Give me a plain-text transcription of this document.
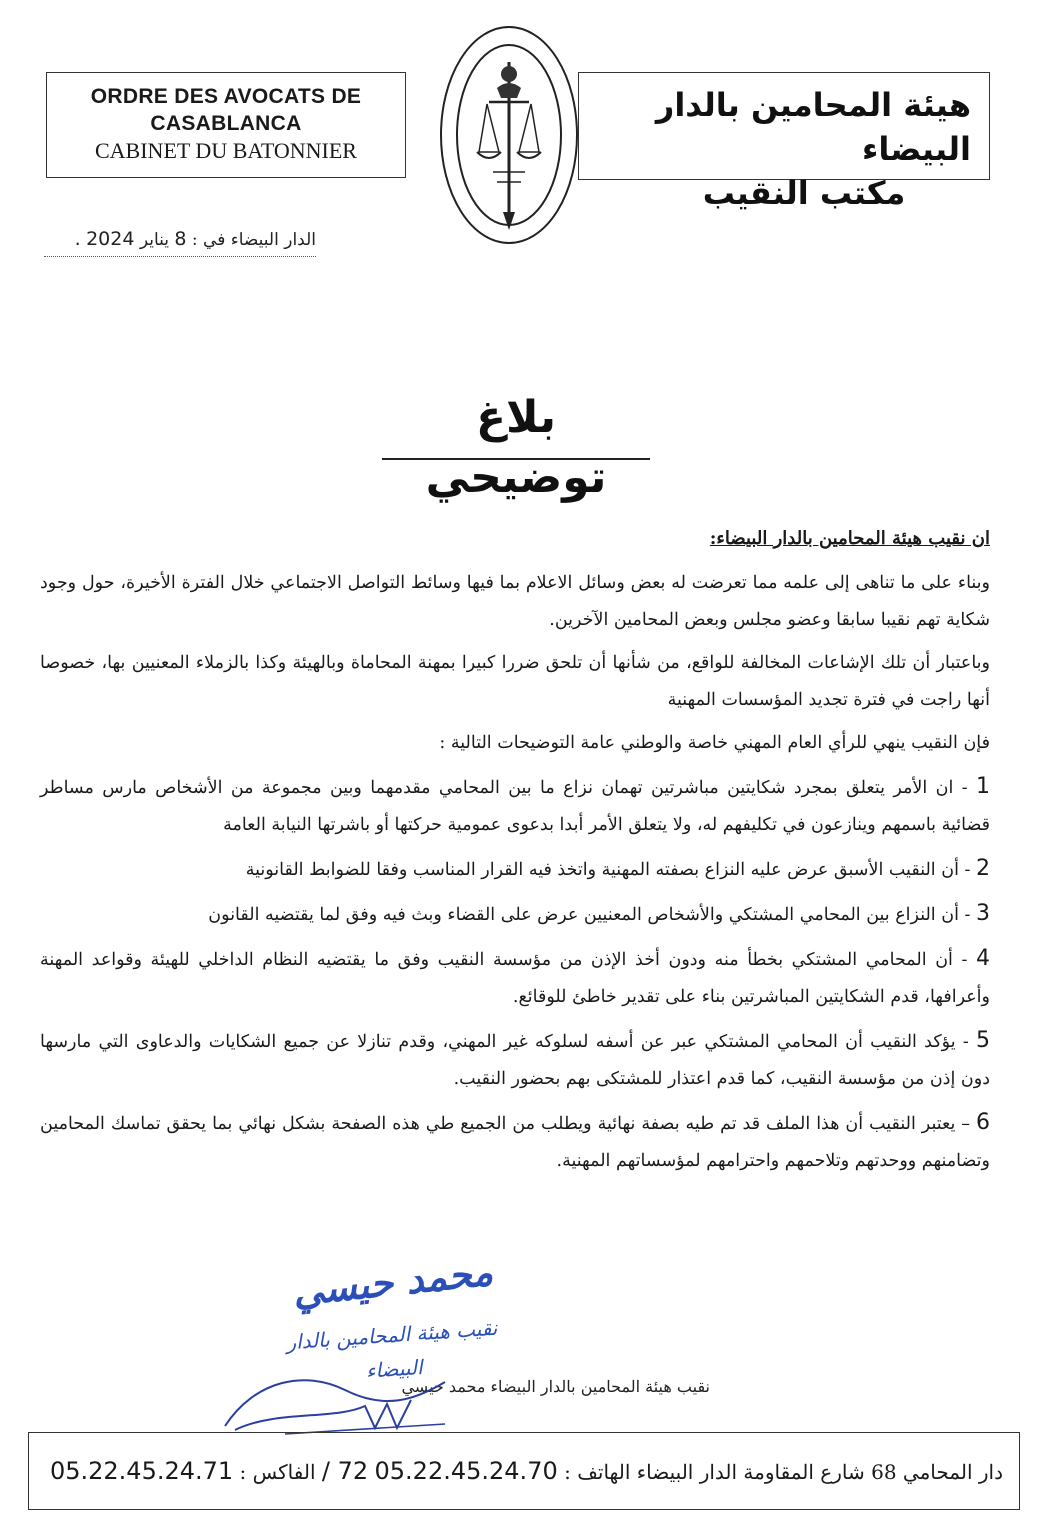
ORDRE DES AVOCATS DE
CASABLANCA
CABINET DU BATONNIER
هيئة المحامين بالدار البيضاء
مكتب النقيب
الدار البيضاء في : 8 يناير 2024 .
بلاغ توضيحي

ان نقيب هيئة المحامين بالدار البيضاء:

وبناء على ما تناهى إلى علمه مما تعرضت له بعض وسائل الاعلام بما فيها وسائط التواصل الاجتماعي خلال الفترة الأخيرة، حول وجود شكاية تهم نقيبا سابقا وعضو مجلس وبعض المحامين الآخرين.

وباعتبار أن تلك الإشاعات المخالفة للواقع، من شأنها أن تلحق ضررا كبيرا بمهنة المحاماة وبالهيئة وكذا بالزملاء المعنيين بها، خصوصا أنها راجت في فترة تجديد المؤسسات المهنية

فإن النقيب ينهي للرأي العام المهني خاصة والوطني عامة التوضيحات التالية :

1 - ان الأمر يتعلق بمجرد شكايتين مباشرتين تهمان نزاع ما بين المحامي مقدمهما وبين مجموعة من الأشخاص مارس مساطر قضائية باسمهم وينازعون في تكليفهم له، ولا يتعلق الأمر أبدا بدعوى عمومية حركتها أو باشرتها النيابة العامة

2 - أن النقيب الأسبق عرض عليه النزاع بصفته المهنية واتخذ فيه القرار المناسب وفقا للضوابط القانونية

3 - أن النزاع بين المحامي المشتكي والأشخاص المعنيين عرض على القضاء وبث فيه وفق لما يقتضيه القانون

4 - أن المحامي المشتكي بخطأ منه ودون أخذ الإذن من مؤسسة النقيب وفق ما يقتضيه النظام الداخلي للهيئة وقواعد المهنة وأعرافها، قدم الشكايتين المباشرتين بناء على تقدير خاطئ للوقائع.

5 - يؤكد النقيب أن المحامي المشتكي عبر عن أسفه لسلوكه غير المهني، وقدم تنازلا عن جميع الشكايات والدعاوى التي مارسها دون إذن من مؤسسة النقيب، كما قدم اعتذار للمشتكى بهم بحضور النقيب.

6 – يعتبر النقيب أن هذا الملف قد تم طيه بصفة نهائية ويطلب من الجميع طي هذه الصفحة بشكل نهائي بما يحقق تماسك المحامين وتضامنهم ووحدتهم وتلاحمهم واحترامهم لمؤسساتهم المهنية.

محمد حيسي
نقيب هيئة المحامين بالدار البيضاء
نقيب هيئة المحامين بالدار البيضاء محمد حيسي
دار المحامي 68 شارع المقاومة الدار البيضاء الهاتف : 05.22.45.24.70 72 / الفاكس : 05.22.45.24.71
